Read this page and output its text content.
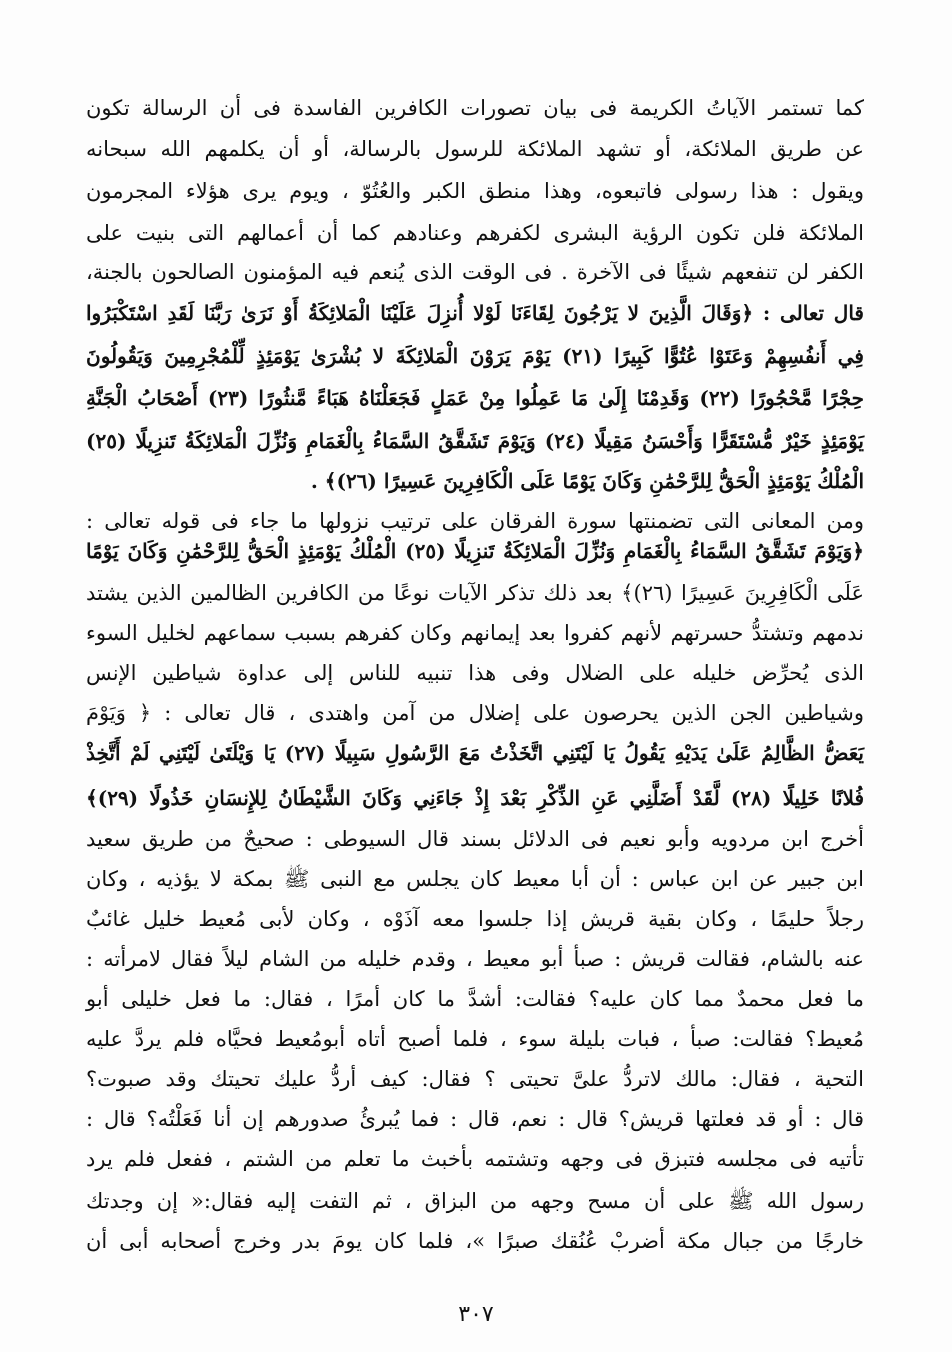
كما تستمر الآياتُ الكريمة فى بيان تصورات الكافرين الفاسدة فى أن الرسالة تكون
عن طريق الملائكة، أو تشهد الملائكة للرسول بالرسالة، أو أن يكلمهم الله سبحانه
ويقول : هذا رسولى فاتبعوه، وهذا منطق الكبر والعُتُوّ ، ويوم يرى هؤلاء المجرمون
الملائكة فلن تكون الرؤية البشرى لكفرهم وعنادهم كما أن أعمالهم التى بنيت على
الكفر لن تنفعهم شيئًا فى الآخرة . فى الوقت الذى يُنعم فيه المؤمنون الصالحون بالجنة،
قال تعالى : ﴿وَقَالَ الَّذِينَ لا يَرْجُونَ لِقَاءَنَا لَوْلا أُنزِلَ عَلَيْنَا الْمَلائِكَةُ أَوْ نَرَىٰ رَبَّنَا لَقَدِ اسْتَكْبَرُوا
فِي أَنفُسِهِمْ وَعَتَوْا عُتُوًّا كَبِيرًا (٢١) يَوْمَ يَرَوْنَ الْمَلائِكَةَ لا بُشْرَىٰ يَوْمَئِذٍ لِّلْمُجْرِمِينَ وَيَقُولُونَ
حِجْرًا مَّحْجُورًا (٢٢) وَقَدِمْنَا إِلَىٰ مَا عَمِلُوا مِنْ عَمَلٍ فَجَعَلْنَاهُ هَبَاءً مَّنثُورًا (٢٣) أَصْحَابُ الْجَنَّةِ
يَوْمَئِذٍ خَيْرٌ مُّسْتَقَرًّا وَأَحْسَنُ مَقِيلًا (٢٤) وَيَوْمَ تَشَقَّقُ السَّمَاءُ بِالْغَمَامِ وَنُزِّلَ الْمَلائِكَةُ تَنزِيلًا (٢٥)
الْمُلْكُ يَوْمَئِذٍ الْحَقُّ لِلرَّحْمَٰنِ وَكَانَ يَوْمًا عَلَى الْكَافِرِينَ عَسِيرًا (٢٦)﴾ .
ومن المعانى التى تضمنتها سورة الفرقان على ترتيب نزولها ما جاء فى قوله تعالى :
﴿وَيَوْمَ تَشَقَّقُ السَّمَاءُ بِالْغَمَامِ وَنُزِّلَ الْمَلائِكَةُ تَنزِيلًا (٢٥) الْمُلْكُ يَوْمَئِذٍ الْحَقُّ لِلرَّحْمَٰنِ وَكَانَ يَوْمًا
عَلَى الْكَافِرِينَ عَسِيرًا (٢٦)﴾ بعد ذلك تذكر الآيات نوعًا من الكافرين الظالمين الذين يشتد
ندمهم وتشتدُّ حسرتهم لأنهم كفروا بعد إيمانهم وكان كفرهم بسبب سماعهم لخليل السوء
الذى يُحرِّض خليله على الضلال وفى هذا تنبيه للناس إلى عداوة شياطين الإنس
وشياطين الجن الذين يحرصون على إضلال من آمن واهتدى ، قال تعالى : ﴿ وَيَوْمَ
يَعَضُّ الظَّالِمُ عَلَىٰ يَدَيْهِ يَقُولُ يَا لَيْتَنِي اتَّخَذْتُ مَعَ الرَّسُولِ سَبِيلًا (٢٧) يَا وَيْلَتَىٰ لَيْتَنِي لَمْ أَتَّخِذْ
فُلانًا خَلِيلًا (٢٨) لَّقَدْ أَضَلَّنِي عَنِ الذِّكْرِ بَعْدَ إِذْ جَاءَنِي وَكَانَ الشَّيْطَانُ لِلإِنسَانِ خَذُولًا (٢٩)﴾
أخرج ابن مردويه وأبو نعيم فى الدلائل بسند قال السيوطى : صحيحٌ من طريق سعيد
ابن جبير عن ابن عباس : أن أبا معيط كان يجلس مع النبى ﷺ بمكة لا يؤذيه ، وكان
رجلاً حليمًا ، وكان بقية قريش إذا جلسوا معه آذَوْه ، وكان لأبى مُعيط خليل غائبٌ
عنه بالشام، فقالت قريش : صبأ أبو معيط ، وقدم خليله من الشام ليلاً فقال لامرأته :
ما فعل محمدٌ مما كان عليه؟ فقالت: أشدَّ ما كان أمرًا ، فقال: ما فعل خليلى أبو
مُعيط؟ فقالت: صبأ ، فبات بليلة سوء ، فلما أصبح أتاه أبومُعيط فحيَّاه فلم يردَّ عليه
التحية ، فقال: مالك لاتردُّ علىَّ تحيتى ؟ فقال: كيف أردُّ عليك تحيتك وقد صبوت؟
قال : أو قد فعلتها قريش؟ قال : نعم، قال : فما يُبرئُ صدورهم إن أنا فَعَلْتُه؟ قال :
تأتيه فى مجلسه فتبزق فى وجهه وتشتمه بأخبث ما تعلم من الشتم ، ففعل فلم يرد
رسول الله ﷺ على أن مسح وجهه من البزاق ، ثم التفت إليه فقال:« إن وجدتك
خارجًا من جبال مكة أضربْ عُنُقك صبرًا »، فلما كان يومَ بدر وخرج أصحابه أبى أن
٣٠٧
